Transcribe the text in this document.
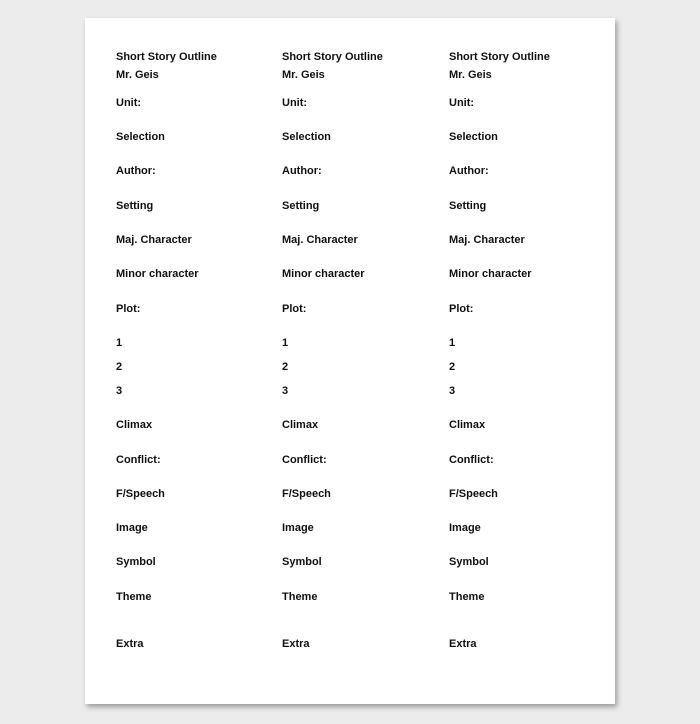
Short Story Outline
Mr. Geis
Unit:
Selection
Author:
Setting
Maj. Character
Minor character
Plot:
1
2
3
Climax
Conflict:
F/Speech
Image
Symbol
Theme
Extra
Short Story Outline
Mr. Geis
Unit:
Selection
Author:
Setting
Maj. Character
Minor character
Plot:
1
2
3
Climax
Conflict:
F/Speech
Image
Symbol
Theme
Extra
Short Story Outline
Mr. Geis
Unit:
Selection
Author:
Setting
Maj. Character
Minor character
Plot:
1
2
3
Climax
Conflict:
F/Speech
Image
Symbol
Theme
Extra
